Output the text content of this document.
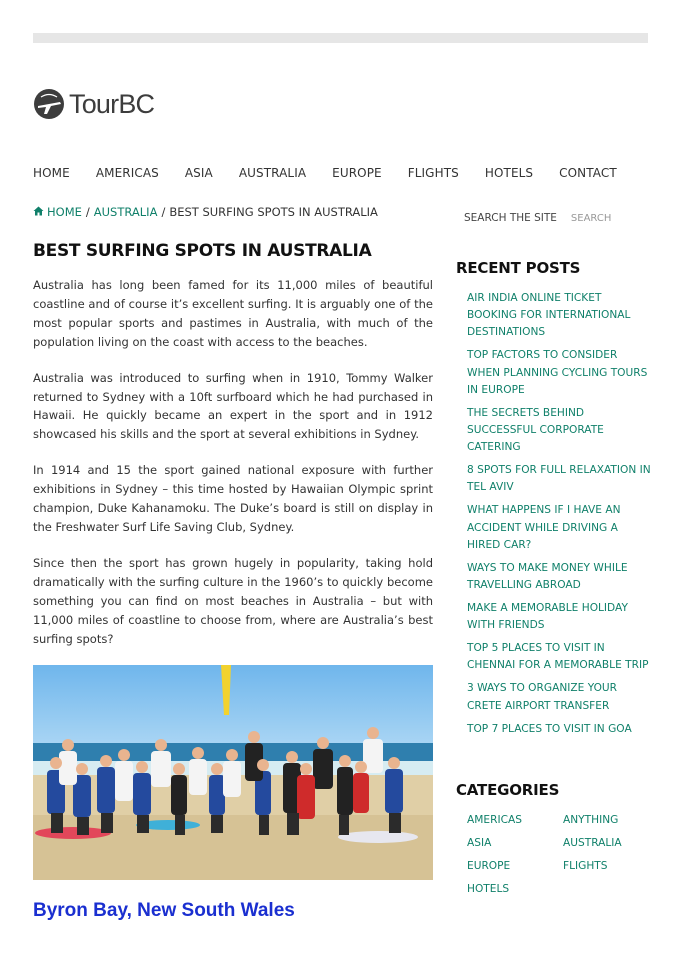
TourBC
HOME AMERICAS ASIA AUSTRALIA EUROPE FLIGHTS HOTELS CONTACT
HOME / AUSTRALIA / BEST SURFING SPOTS IN AUSTRALIA	SEARCH THE SITE
SEARCH
BEST SURFING SPOTS IN AUSTRALIA

Australia has long been famed for its 11,000 miles of beautiful coastline and of course it’s excellent surfing. It is arguably one of the most popular sports and pastimes in Australia, with much of the population living on the coast with access to the beaches.

Australia was introduced to surfing when in 1910, Tommy Walker returned to Sydney with a 10ft surfboard which he had purchased in Hawaii. He quickly became an expert in the sport and in 1912 showcased his skills and the sport at several exhibitions in Sydney.

In 1914 and 15 the sport gained national exposure with further exhibitions in Sydney – this time hosted by Hawaiian Olympic sprint champion, Duke Kahanamoku. The Duke’s board is still on display in the Freshwater Surf Life Saving Club, Sydney.

Since then the sport has grown hugely in popularity, taking hold dramatically with the surfing culture in the 1960’s to quickly become something you can find on most beaches in Australia – but with 11,000 miles of coastline to choose from, where are Australia’s best surfing spots?

Byron Bay, New South Wales
RECENT POSTS
AIR INDIA ONLINE TICKET BOOKING FOR INTERNATIONAL DESTINATIONS
TOP FACTORS TO CONSIDER WHEN PLANNING CYCLING TOURS IN EUROPE
THE SECRETS BEHIND SUCCESSFUL CORPORATE CATERING
8 SPOTS FOR FULL RELAXATION IN TEL AVIV
WHAT HAPPENS IF I HAVE AN ACCIDENT WHILE DRIVING A HIRED CAR?
WAYS TO MAKE MONEY WHILE TRAVELLING ABROAD
MAKE A MEMORABLE HOLIDAY WITH FRIENDS
TOP 5 PLACES TO VISIT IN CHENNAI FOR A MEMORABLE TRIP
3 WAYS TO ORGANIZE YOUR CRETE AIRPORT TRANSFER
TOP 7 PLACES TO VISIT IN GOA
CATEGORIES
AMERICAS	ANYTHING
ASIA	AUSTRALIA
EUROPE	FLIGHTS
HOTELS
